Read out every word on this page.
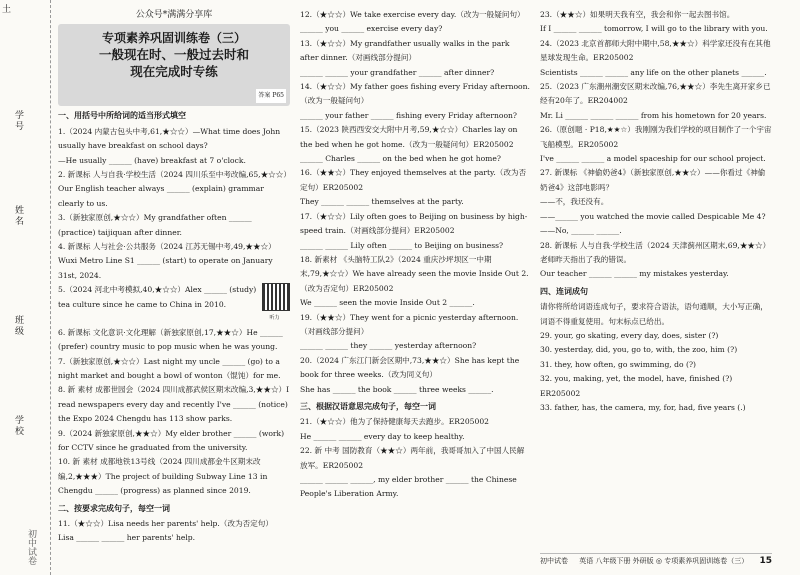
土
学号
姓名
班级
学校
初中试卷
公众号*满满分享库
专项素养巩固训练卷（三）
一般现在时、一般过去时和
现在完成时专练
答案 P65
一、用括号中所给词的适当形式填空

1.（2024 内蒙古包头中考,61,★☆☆）—What time does John usually have breakfast on school days?

—He usually ______ (have) breakfast at 7 o'clock.

2. 新课标 人与自我·学校生活（2024 四川乐至中考改编,65,★☆☆）Our English teacher always ______ (explain) grammar clearly to us.

3.（新独家原创,★☆☆）My grandfather often ______ (practice) taijiquan after dinner.

4. 新课标 人与社会·公共服务（2024 江苏无锡中考,49,★★☆）Wuxi Metro Line S1 ______ (start) to operate on January 31st, 2024.

5.（2024 河北中考模拟,40,★☆☆）Alex ______ (study) tea culture since he came to China in 2010.

听力

6. 新课标 文化意识·文化理解（新独家原创,17,★★☆）He ______ (prefer) country music to pop music when he was young.

7.（新独家原创,★☆☆）Last night my uncle ______ (go) to a night market and bought a bowl of wonton（馄饨）for me.

8. 新 素材 成都世园会（2024 四川成都武侯区期末改编,3,★★☆）I read newspapers every day and recently I've ______ (notice) the Expo 2024 Chengdu has 113 show parks.

9.（2024 新独家原创,★★☆）My elder brother ______ (work) for CCTV since he graduated from the university.

10. 新 素材 成都地铁13号线（2024 四川成都金牛区期末改编,2,★★★）The project of building Subway Line 13 in Chengdu ______ (progress) as planned since 2019.

二、按要求完成句子，每空一词

11.（★☆☆）Lisa needs her parents' help.（改为否定句）

Lisa ______ ______ her parents' help.

12.（★☆☆）We take exercise every day.（改为一般疑问句）

______ you ______ exercise every day?

13.（★☆☆）My grandfather usually walks in the park after dinner.（对画线部分提问）

______ ______ your grandfather ______ after dinner?

14.（★☆☆）My father goes fishing every Friday afternoon.（改为一般疑问句）

______ your father ______ fishing every Friday afternoon?

15.（2023 陕西西安交大附中月考,59,★☆☆）Charles lay on the bed when he got home.（改为一般疑问句）ER205002

______ Charles ______ on the bed when he got home?

16.（★★☆）They enjoyed themselves at the party.（改为否定句）ER205002

They ______ ______ themselves at the party.

17.（★☆☆）Lily often goes to Beijing on business by high-speed train.（对画线部分提问）ER205002

______ ______ Lily often ______ to Beijing on business?

18. 新素材 《头脑特工队2》（2024 重庆沙坪坝区一中期末,79,★☆☆）We have already seen the movie Inside Out 2.（改为否定句）ER205002

We ______ seen the movie Inside Out 2 ______.

19.（★★☆）They went for a picnic yesterday afternoon.（对画线部分提问）

______ ______ they ______ yesterday afternoon?

20.（2024 广东江门新会区期中,73,★★☆）She has kept the book for three weeks.（改为同义句）

She has ______ the book ______ three weeks ______.

三、根据汉语意思完成句子，每空一词

21.（★☆☆）他为了保持健康每天去跑步。ER205002

He ______ ______ every day to keep healthy.

22. 新 中考 国防教育（★★☆）两年前，我哥哥加入了中国人民解放军。ER205002

______ ______ ______, my elder brother ______ the Chinese People's Liberation Army.

23.（★★☆）如果明天我有空，我会和你一起去图书馆。

If I ______ ______ tomorrow, I will go to the library with you.

24.（2023 北京首都师大附中期中,58,★★☆）科学家还没有在其他星球发现生命。ER205002

Scientists ______ ______ any life on the other planets ______.

25.（2023 广东潮州潮安区期末改编,76,★★☆）李先生离开家乡已经有20年了。ER204002

Mr. Li ______ ______ ______ from his hometown for 20 years.

26.（原创题 · P18,★★☆）我刚刚为我们学校的项目制作了一个宇宙飞船模型。ER205002

I've ______ ______ a model spaceship for our school project.

27. 新课标 《神偷奶爸4》（新独家原创,★★☆）——你看过《神偷奶爸4》这部电影吗？

——不，我还没有。

——______ you watched the movie called Despicable Me 4?

——No, ______ ______.

28. 新课标 人与自我·学校生活（2024 天津蓟州区期末,69,★★☆）老师昨天指出了我的错误。

Our teacher ______ ______ my mistakes yesterday.

四、连词成句

请你将所给词语连成句子，要求符合语法，语句通顺，大小写正确，词语不得重复使用。句末标点已给出。

29. your, go skating, every day, does, sister (?)

30. yesterday, did, you, go to, with, the zoo, him (?)

31. they, how often, go swimming, do (?)

32. you, making, yet, the model, have, finished (?) ER205002

33. father, has, the camera, my, for, had, five years (.)

初中试卷 英语 八年级下册 外研版 ◎ 专项素养巩固训练卷（三） 15
